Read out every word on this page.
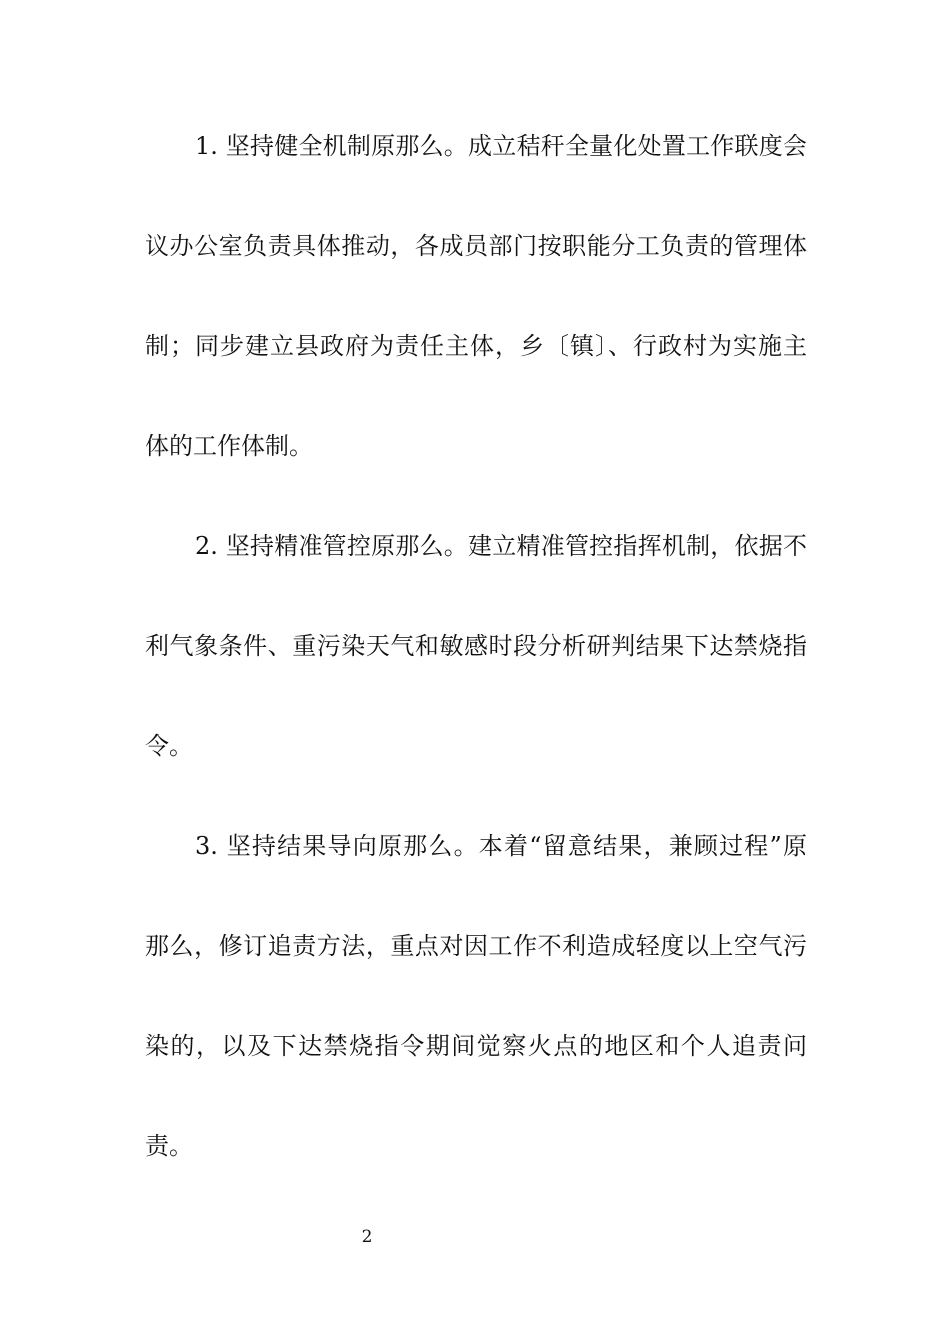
1. 坚持健全机制原那么。成立秸秆全量化处置工作联度会
议办公室负责具体推动，各成员部门按职能分工负责的管理体
制；同步建立县政府为责任主体，乡〔镇〕、行政村为实施主
体的工作体制。
2. 坚持精准管控原那么。建立精准管控指挥机制，依据不
利气象条件、重污染天气和敏感时段分析研判结果下达禁烧指
令。
3. 坚持结果导向原那么。本着“留意结果，兼顾过程”原
那么，修订追责方法，重点对因工作不利造成轻度以上空气污
染的，以及下达禁烧指令期间觉察火点的地区和个人追责问
责。
2
